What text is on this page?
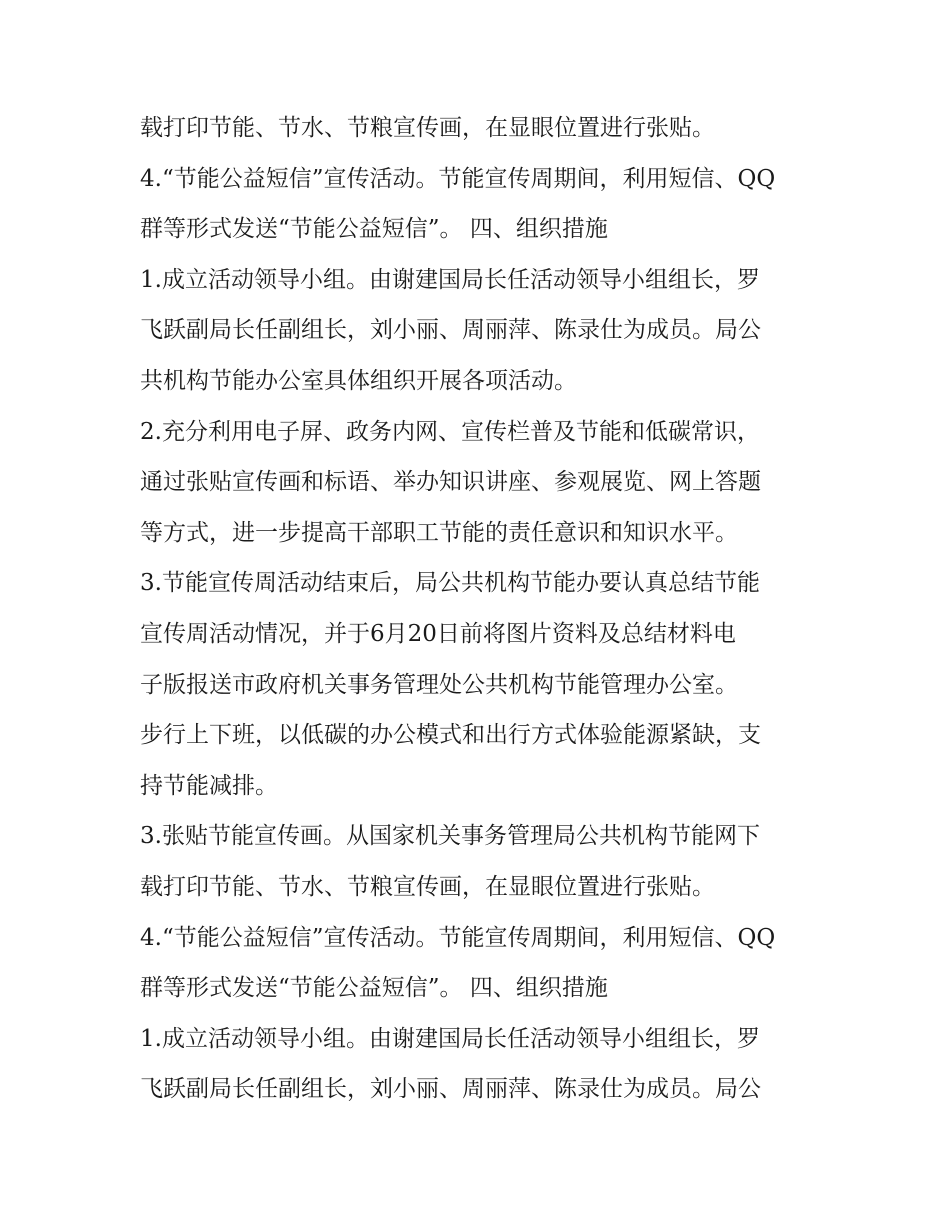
载打印节能、节水、节粮宣传画，在显眼位置进行张贴。
4.“节能公益短信”宣传活动。节能宣传周期间，利用短信、QQ
群等形式发送“节能公益短信”。 四、组织措施
1.成立活动领导小组。由谢建国局长任活动领导小组组长，罗
飞跃副局长任副组长，刘小丽、周丽萍、陈录仕为成员。局公
共机构节能办公室具体组织开展各项活动。
2.充分利用电子屏、政务内网、宣传栏普及节能和低碳常识，
通过张贴宣传画和标语、举办知识讲座、参观展览、网上答题
等方式，进一步提高干部职工节能的责任意识和知识水平。
3.节能宣传周活动结束后，局公共机构节能办要认真总结节能
宣传周活动情况，并于6月20日前将图片资料及总结材料电
子版报送市政府机关事务管理处公共机构节能管理办公室。
步行上下班，以低碳的办公模式和出行方式体验能源紧缺，支
持节能减排。
3.张贴节能宣传画。从国家机关事务管理局公共机构节能网下
载打印节能、节水、节粮宣传画，在显眼位置进行张贴。
4.“节能公益短信”宣传活动。节能宣传周期间，利用短信、QQ
群等形式发送“节能公益短信”。 四、组织措施
1.成立活动领导小组。由谢建国局长任活动领导小组组长，罗
飞跃副局长任副组长，刘小丽、周丽萍、陈录仕为成员。局公
